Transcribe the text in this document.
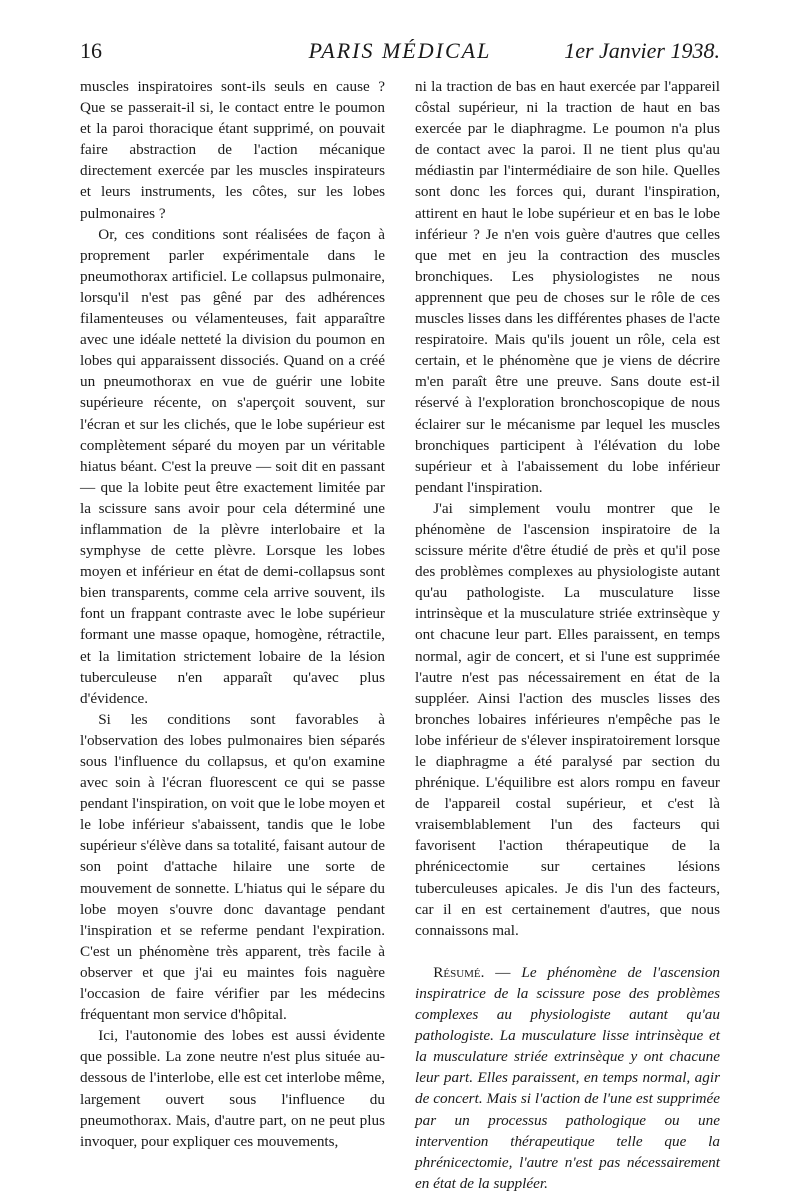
16	PARIS MÉDICAL	1er Janvier 1938.

muscles inspiratoires sont-ils seuls en cause ? Que se passerait-il si, le contact entre le poumon et la paroi thoracique étant supprimé, on pouvait faire abstraction de l'action mécanique directement exercée par les muscles inspirateurs et leurs instruments, les côtes, sur les lobes pulmonaires ?

Or, ces conditions sont réalisées de façon à proprement parler expérimentale dans le pneumothorax artificiel. Le collapsus pulmonaire, lorsqu'il n'est pas gêné par des adhérences filamenteuses ou vélamenteuses, fait apparaître avec une idéale netteté la division du poumon en lobes qui apparaissent dissociés. Quand on a créé un pneumothorax en vue de guérir une lobite supérieure récente, on s'aperçoit souvent, sur l'écran et sur les clichés, que le lobe supérieur est complètement séparé du moyen par un véritable hiatus béant. C'est la preuve — soit dit en passant — que la lobite peut être exactement limitée par la scissure sans avoir pour cela déterminé une inflammation de la plèvre interlobaire et la symphyse de cette plèvre. Lorsque les lobes moyen et inférieur en état de demi-collapsus sont bien transparents, comme cela arrive souvent, ils font un frappant contraste avec le lobe supérieur formant une masse opaque, homogène, rétractile, et la limitation strictement lobaire de la lésion tuberculeuse n'en apparaît qu'avec plus d'évidence.

Si les conditions sont favorables à l'observation des lobes pulmonaires bien séparés sous l'influence du collapsus, et qu'on examine avec soin à l'écran fluorescent ce qui se passe pendant l'inspiration, on voit que le lobe moyen et le lobe inférieur s'abaissent, tandis que le lobe supérieur s'élève dans sa totalité, faisant autour de son point d'attache hilaire une sorte de mouvement de sonnette. L'hiatus qui le sépare du lobe moyen s'ouvre donc davantage pendant l'inspiration et se referme pendant l'expiration. C'est un phénomène très apparent, très facile à observer et que j'ai eu maintes fois naguère l'occasion de faire vérifier par les médecins fréquentant mon service d'hôpital.

Ici, l'autonomie des lobes est aussi évidente que possible. La zone neutre n'est plus située au-dessous de l'interlobe, elle est cet interlobe même, largement ouvert sous l'influence du pneumothorax. Mais, d'autre part, on ne peut plus invoquer, pour expliquer ces mouvements,

ni la traction de bas en haut exercée par l'appareil côstal supérieur, ni la traction de haut en bas exercée par le diaphragme. Le poumon n'a plus de contact avec la paroi. Il ne tient plus qu'au médiastin par l'intermédiaire de son hile. Quelles sont donc les forces qui, durant l'inspiration, attirent en haut le lobe supérieur et en bas le lobe inférieur ? Je n'en vois guère d'autres que celles que met en jeu la contraction des muscles bronchiques. Les physiologistes ne nous apprennent que peu de choses sur le rôle de ces muscles lisses dans les différentes phases de l'acte respiratoire. Mais qu'ils jouent un rôle, cela est certain, et le phénomène que je viens de décrire m'en paraît être une preuve. Sans doute est-il réservé à l'exploration bronchoscopique de nous éclairer sur le mécanisme par lequel les muscles bronchiques participent à l'élévation du lobe supérieur et à l'abaissement du lobe inférieur pendant l'inspiration.

J'ai simplement voulu montrer que le phénomène de l'ascension inspiratoire de la scissure mérite d'être étudié de près et qu'il pose des problèmes complexes au physiologiste autant qu'au pathologiste. La musculature lisse intrinsèque et la musculature striée extrinsèque y ont chacune leur part. Elles paraissent, en temps normal, agir de concert, et si l'une est supprimée l'autre n'est pas nécessairement en état de la suppléer. Ainsi l'action des muscles lisses des bronches lobaires inférieures n'empêche pas le lobe inférieur de s'élever inspiratoirement lorsque le diaphragme a été paralysé par section du phrénique. L'équilibre est alors rompu en faveur de l'appareil costal supérieur, et c'est là vraisemblablement l'un des facteurs qui favorisent l'action thérapeutique de la phrénicectomie sur certaines lésions tuberculeuses apicales. Je dis l'un des facteurs, car il en est certainement d'autres, que nous connaissons mal.

Résumé. — Le phénomène de l'ascension inspiratrice de la scissure pose des problèmes complexes au physiologiste autant qu'au pathologiste. La musculature lisse intrinsèque et la musculature striée extrinsèque y ont chacune leur part. Elles paraissent, en temps normal, agir de concert. Mais si l'action de l'une est supprimée par un processus pathologique ou une intervention thérapeutique telle que la phrénicectomie, l'autre n'est pas nécessairement en état de la suppléer.
